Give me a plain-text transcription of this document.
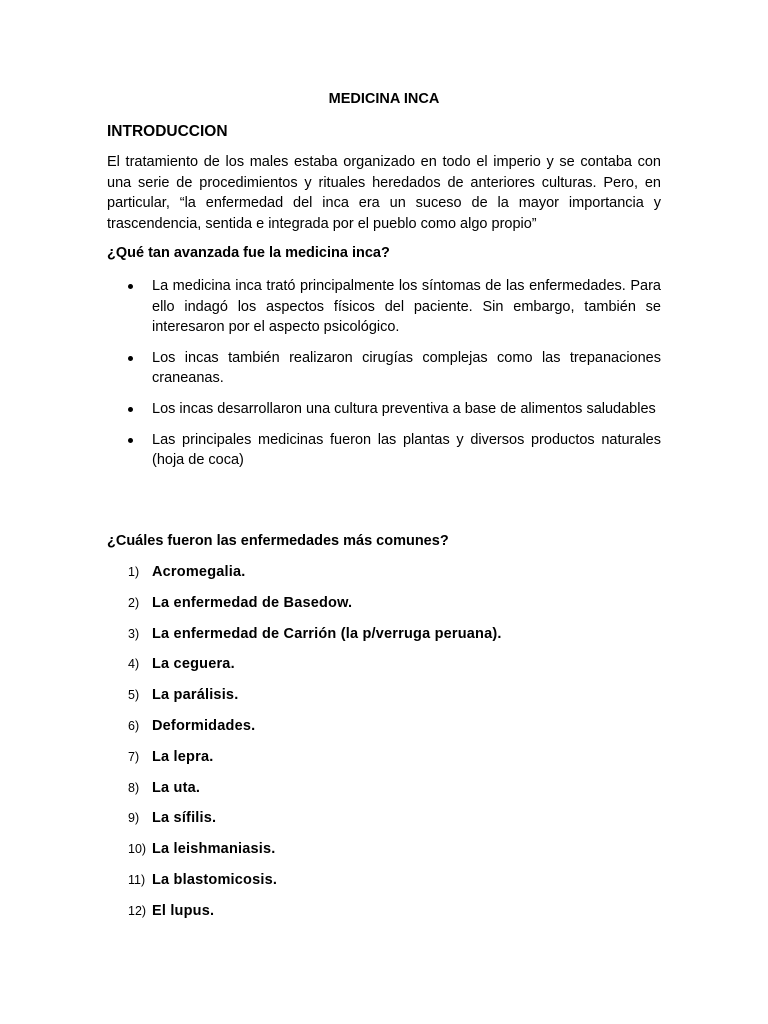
MEDICINA INCA
INTRODUCCION

El tratamiento de los males estaba organizado en todo el imperio y se contaba con una serie de procedimientos y rituales heredados de anteriores culturas. Pero, en particular, “la enfermedad del inca era un suceso de la mayor importancia y trascendencia, sentida e integrada por el pueblo como algo propio”

¿Qué tan avanzada fue la medicina inca?
La medicina inca trató principalmente los síntomas de las enfermedades. Para ello indagó los aspectos físicos del paciente. Sin embargo, también se interesaron por el aspecto psicológico.
Los incas también realizaron cirugías complejas como las trepanaciones craneanas.
Los incas desarrollaron una cultura preventiva a base de alimentos saludables
Las principales medicinas fueron las plantas y diversos productos naturales (hoja de coca)
¿Cuáles fueron las enfermedades más comunes?
1) Acromegalia.
2) La enfermedad de Basedow.
3) La enfermedad de Carrión (la p/verruga peruana).
4) La ceguera.
5) La parálisis.
6) Deformidades.
7) La lepra.
8) La uta.
9) La sífilis.
10) La leishmaniasis.
11) La blastomicosis.
12) El lupus.
